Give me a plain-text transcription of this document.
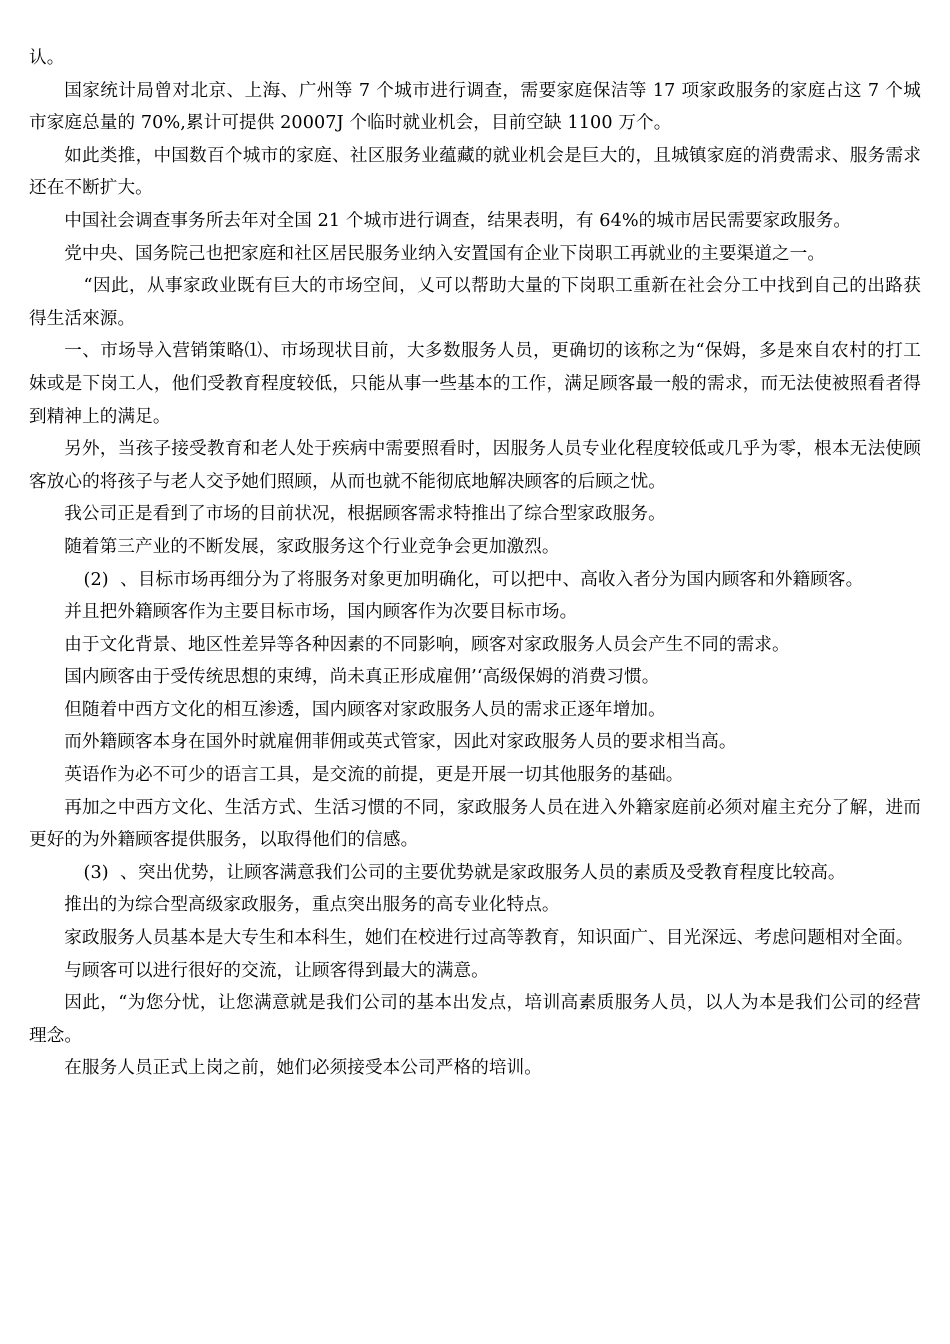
认。

国家统计局曾对北京、上海、广州等 7 个城市进行调查，需要家庭保洁等 17 项家政服务的家庭占这 7 个城市家庭总量的 70%,累计可提供 20007J 个临时就业机会，目前空缺 1100 万个。

如此类推，中国数百个城市的家庭、社区服务业蕴藏的就业机会是巨大的，且城镇家庭的消费需求、服务需求还在不断扩大。

中国社会调查事务所去年对全国 21 个城市进行调查，结果表明，有 64%的城市居民需要家政服务。

党中央、国务院己也把家庭和社区居民服务业纳入安置国有企业下岗职工再就业的主要渠道之一。

“因此，从事家政业既有巨大的市场空间，乂可以帮助大量的下岗职工重新在社会分工中找到自己的出路获得生活來源。

一、市场导入营销策略⑴、市场现状目前，大多数服务人员，更确切的该称之为“保姆，多是來自农村的打工妹或是下岗工人，他们受教育程度较低，只能从事一些基本的工作，满足顾客最一般的需求，而无法使被照看者得到精神上的满足。

另外，当孩子接受教育和老人处于疾病中需要照看时，因服务人员专业化程度较低或几乎为零，根本无法使顾客放心的将孩子与老人交予她们照顾，从而也就不能彻底地解决顾客的后顾之忧。

我公司正是看到了市场的目前状况，根据顾客需求特推出了综合型家政服务。

随着第三产业的不断发展，家政服务这个行业竞争会更加激烈。

(2)  、目标市场再细分为了将服务对象更加明确化，可以把中、高收入者分为国内顾客和外籍顾客。

并且把外籍顾客作为主要目标市场，国内顾客作为次要目标市场。

由于文化背景、地区性差异等各种因素的不同影响，顾客对家政服务人员会产生不同的需求。

国内顾客由于受传统思想的束缚，尚未真正形成雇佣’‘高级保姆的消费习惯。

但随着中西方文化的相互渗透，国内顾客对家政服务人员的需求正逐年增加。

而外籍顾客本身在国外时就雇佣菲佣或英式管家，因此对家政服务人员的要求相当高。

英语作为必不可少的语言工具，是交流的前提，更是开展一切其他服务的基础。

再加之中西方文化、生活方式、生活习惯的不同，家政服务人员在进入外籍家庭前必须对雇主充分了解，进而更好的为外籍顾客提供服务，以取得他们的信感。

(3)  、突出优势，让顾客满意我们公司的主要优势就是家政服务人员的素质及受教育程度比较高。

推出的为综合型高级家政服务，重点突出服务的高专业化特点。

家政服务人员基本是大专生和本科生，她们在校进行过高等教育，知识面广、目光深远、考虑问题相对全面。

与顾客可以进行很好的交流，让顾客得到最大的满意。

因此，“为您分忧，让您满意就是我们公司的基本出发点，培训高素质服务人员，以人为本是我们公司的经营理念。

在服务人员正式上岗之前，她们必须接受本公司严格的培训。
